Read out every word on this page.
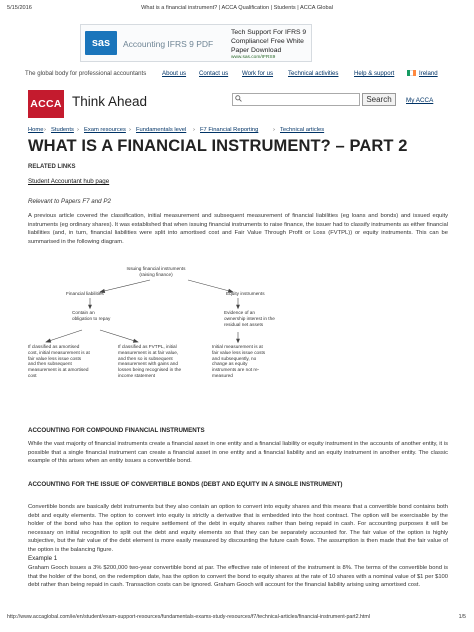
5/15/2016	What is a financial instrument? | ACCA Qualification | Students | ACCA Global
sas	Accounting IFRS 9 PDF
Tech Support For IFRS 9 Compliance! Free White Paper Download
www.sas.com/IFRS9
The global body for professional accountants	About us Contact us Work for us Technical activities	Help & support	Ireland
ACCA Think Ahead	Search	My ACCA
Home › Students › Exam resources › Fundamentals level › F7 Financial Reporting	› Technical articles
WHAT IS A FINANCIAL INSTRUMENT? – PART 2
RELATED LINKS
Student Accountant hub page
Relevant to Papers F7 and P2

A previous article covered the classification, initial measurement and subsequent measurement of financial liabilities (eg loans and bonds) and issued equity instruments (eg ordinary shares). It was established that when issuing financial instruments to raise finance, the issuer had to classify instruments as either financial liabilities (and, in turn, financial liabilities were split into amortised cost and Fair Value Through Profit or Loss (FVTPL)) or equity instruments. This can be summarised in the following diagram.

Issuing financial instruments (raising finance)
Financial liabilities	Equity instruments
Contain an obligation to repay
Evidence of an ownership interest in the residual net assets
If classified as amortised cost, initial measurement is at fair value less issue costs and then subsequent measurement is at amortised cost
If classified as FVTPL, initial measurement is at fair value, and then so is subsequent measurement with gains and losses being recognised in the income statement
Initial measurement is at fair value less issue costs and subsequently, no change as equity instruments are not re-measured
ACCOUNTING FOR COMPOUND FINANCIAL INSTRUMENTS

While the vast majority of financial instruments create a financial asset in one entity and a financial liability or equity instrument in the accounts of another entity, it is possible that a single financial instrument can create a financial asset in one entity and a financial liability and an equity instrument in another entity. The classic example of this arises when an entity issues a convertible bond.

ACCOUNTING FOR THE ISSUE OF CONVERTIBLE BONDS (DEBT AND EQUITY IN A SINGLE INSTRUMENT)

Convertible bonds are basically debt instruments but they also contain an option to convert into equity shares and this means that a convertible bond contains both debt and equity elements. The option to convert into equity is strictly a derivative that is embedded into the host contract. The option will be exercisable by the holder of the bond who has the option to require settlement of the debt in equity shares rather than being repaid in cash. For accounting purposes it will be necessary on initial recognition to split out the debt and equity elements so that they can be separately accounted for. The fair value of the option is highly subjective, but the fair value of the debt element is more easily measured by discounting the future cash flows. The assumption is then made that the fair value of the option is the balancing figure.

Example 1

Graham Gooch issues a 3% $200,000 two-year convertible bond at par. The effective rate of interest of the instrument is 8%. The terms of the convertible bond is that the holder of the bond, on the redemption date, has the option to convert the bond to equity shares at the rate of 10 shares with a nominal value of $1 per $100 debt rather than being repaid in cash. Transaction costs can be ignored. Graham Gooch will account for the financial liability arising using amortised cost.

http://www.accaglobal.com/ie/en/student/exam-support-resources/fundamentals-exams-study-resources/f7/technical-articles/financial-instrument-part2.html	1/5
